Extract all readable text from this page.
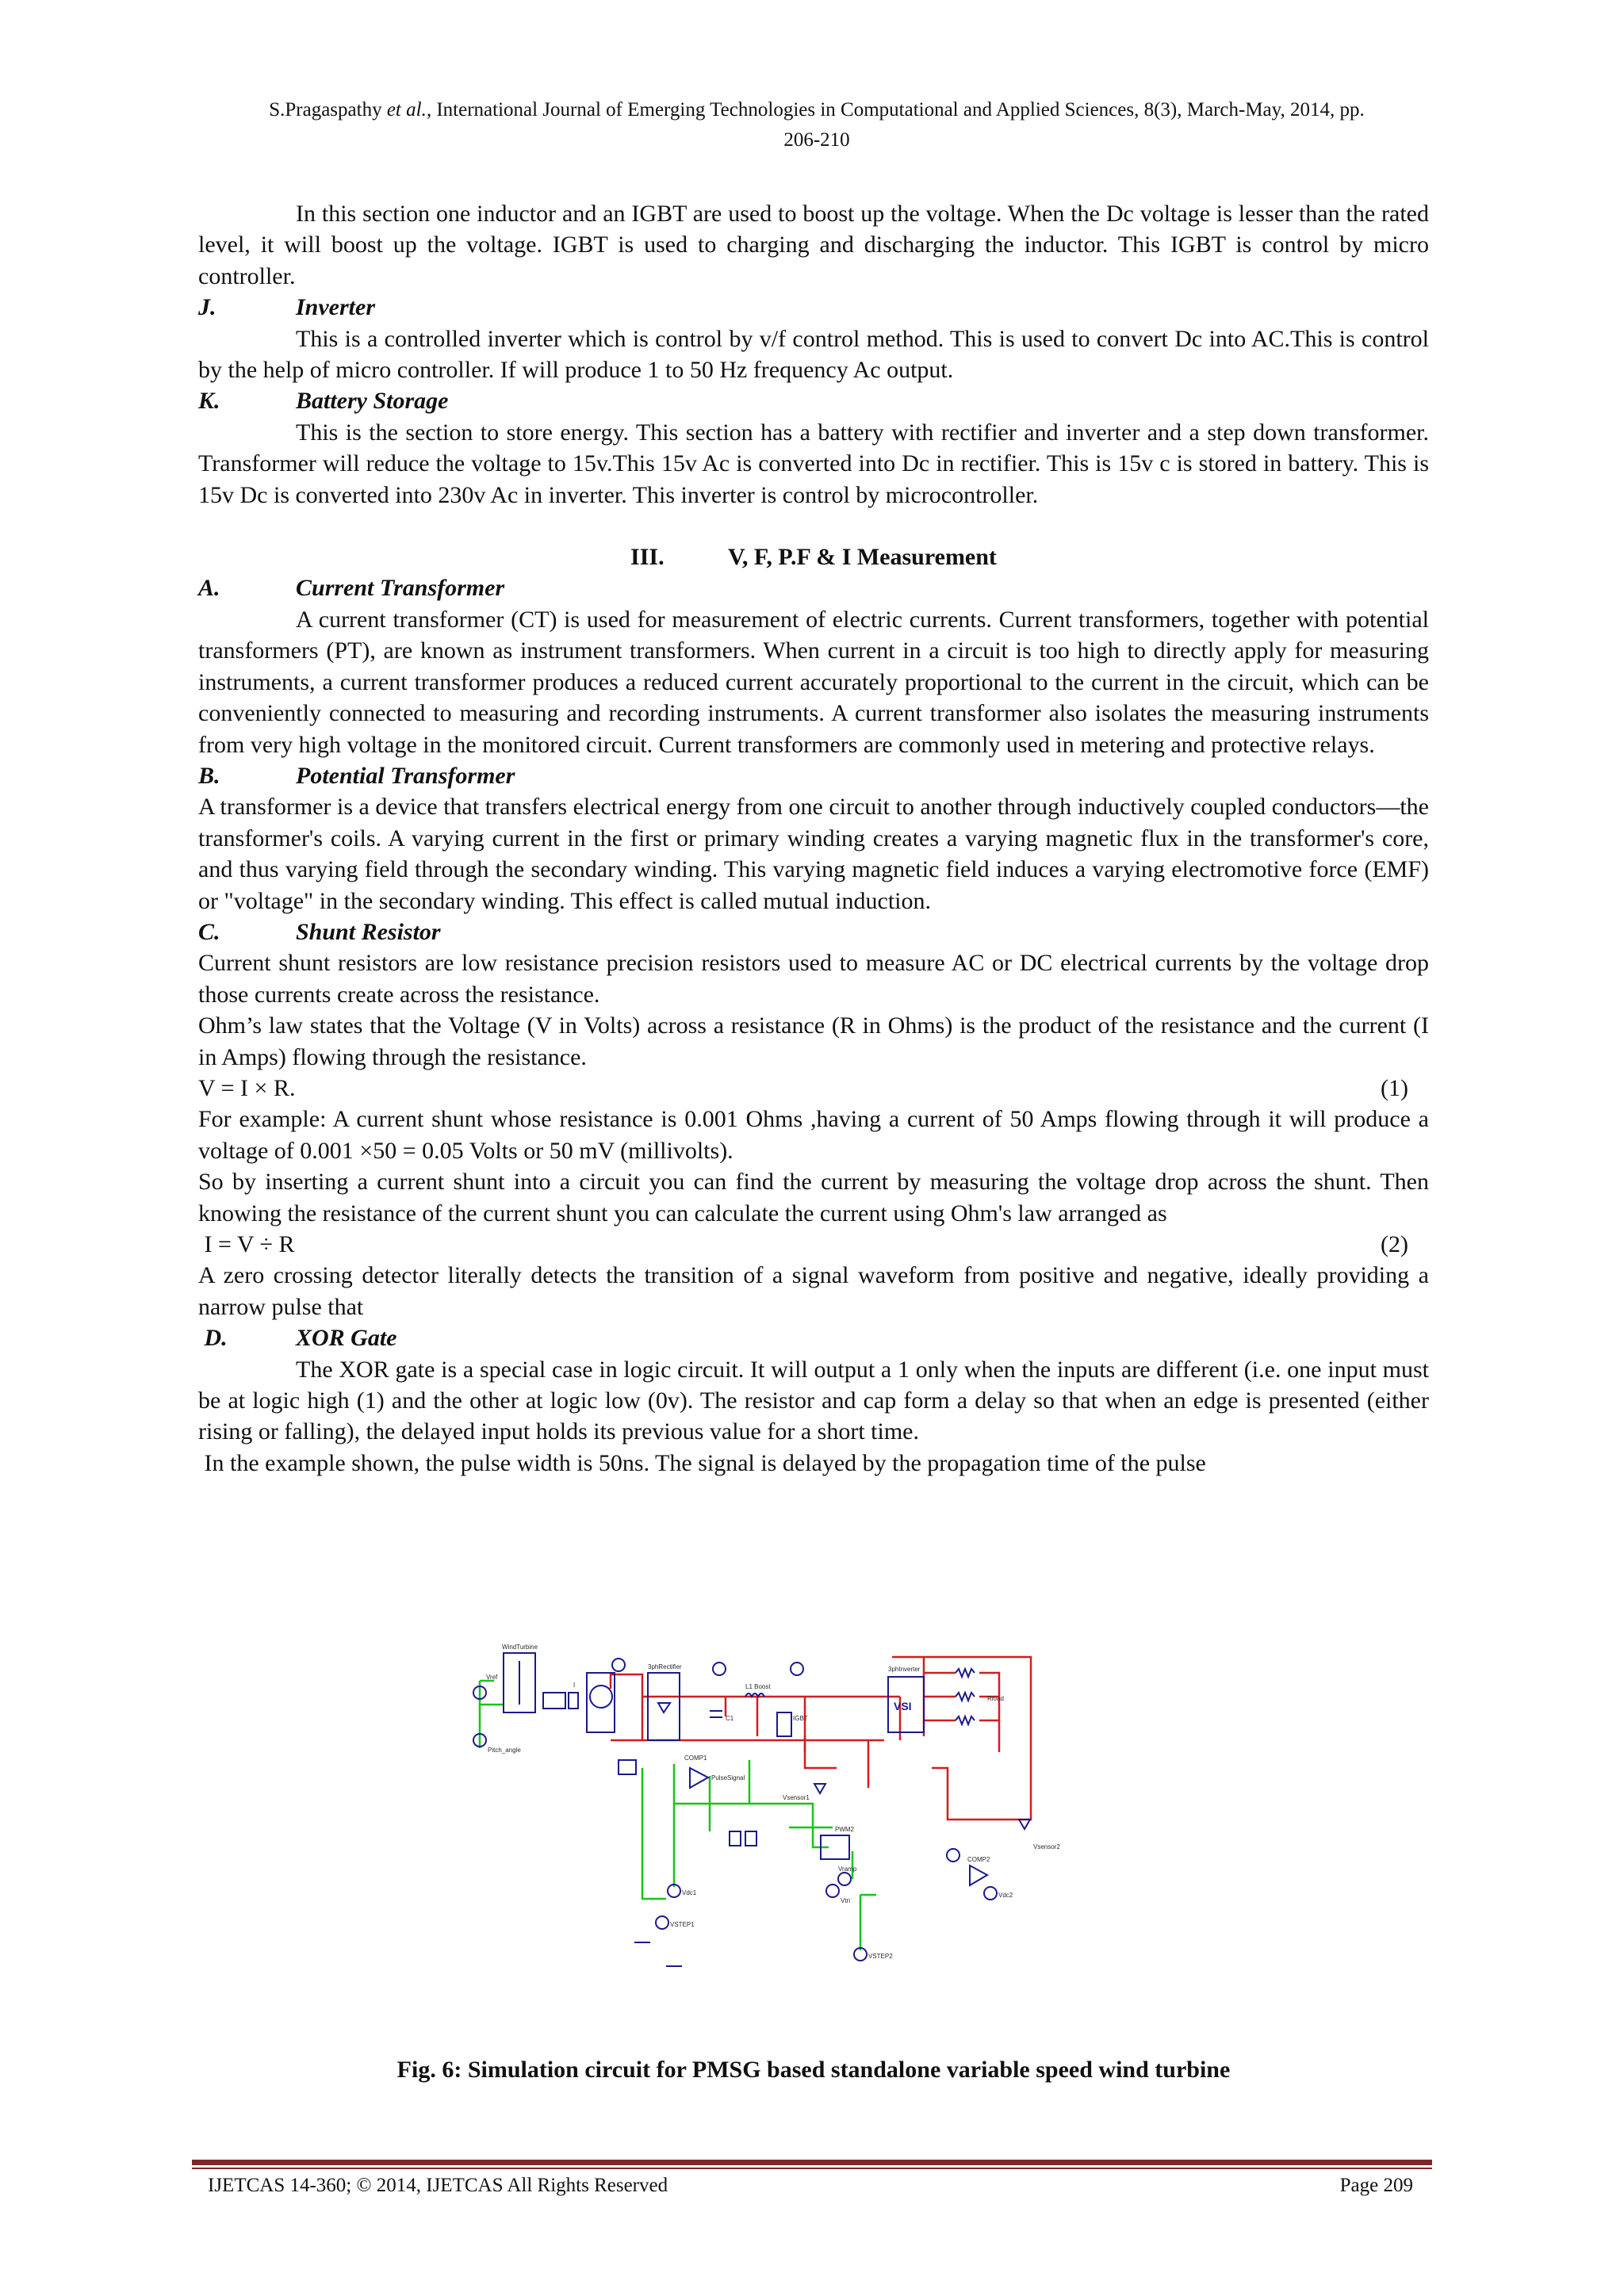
S.Pragaspathy et al., International Journal of Emerging Technologies in Computational and Applied Sciences, 8(3), March-May, 2014, pp.
206-210

In this section one inductor and an IGBT are used to boost up the voltage. When the Dc voltage is lesser than the rated level, it will boost up the voltage. IGBT is used to charging and discharging the inductor. This IGBT is control by micro controller.

J.	Inverter

This is a controlled inverter which is control by v/f control method. This is used to convert Dc into AC.This is control by the help of micro controller. If will produce 1 to 50 Hz frequency Ac output.

K.	Battery Storage

This is the section to store energy. This section has a battery with rectifier and inverter and a step down transformer. Transformer will reduce the voltage to 15v.This 15v Ac is converted into Dc in rectifier. This is 15v c is stored in battery. This is 15v Dc is converted into 230v Ac in inverter. This inverter is control by microcontroller.

III.	V, F, P.F & I Measurement

A.	Current Transformer

A current transformer (CT) is used for measurement of electric currents. Current transformers, together with potential transformers (PT), are known as instrument transformers. When current in a circuit is too high to directly apply for measuring instruments, a current transformer produces a reduced current accurately proportional to the current in the circuit, which can be conveniently connected to measuring and recording instruments. A current transformer also isolates the measuring instruments from very high voltage in the monitored circuit. Current transformers are commonly used in metering and protective relays.

B.	Potential Transformer

A transformer is a device that transfers electrical energy from one circuit to another through inductively coupled conductors—the transformer's coils. A varying current in the first or primary winding creates a varying magnetic flux in the transformer's core, and thus varying field through the secondary winding. This varying magnetic field induces a varying electromotive force (EMF) or "voltage" in the secondary winding. This effect is called mutual induction.

C.	Shunt Resistor

Current shunt resistors are low resistance precision resistors used to measure AC or DC electrical currents by the voltage drop those currents create across the resistance.

Ohm’s law states that the Voltage (V in Volts) across a resistance (R in Ohms) is the product of the resistance and the current (I in Amps) flowing through the resistance.

V = I × R.	(1)

For example: A current shunt whose resistance is 0.001 Ohms ,having a current of 50 Amps flowing through it will produce a voltage of 0.001 ×50 = 0.05 Volts or 50 mV (millivolts).

So by inserting a current shunt into a circuit you can find the current by measuring the voltage drop across the shunt. Then knowing the resistance of the current shunt you can calculate the current using Ohm's law arranged as

I = V ÷ R	(2)

A zero crossing detector literally detects the transition of a signal waveform from positive and negative, ideally providing a narrow pulse that

D.	XOR Gate

The XOR gate is a special case in logic circuit. It will output a 1 only when the inputs are different (i.e. one input must be at logic high (1) and the other at logic low (0v). The resistor and cap form a delay so that when an edge is presented (either rising or falling), the delayed input holds its previous value for a short time.

In the example shown, the pulse width is 50ns. The signal is delayed by the propagation time of the pulse

WindTurbine
Vref
Pitch_angle
I
3phRectifier
L1 Boost
C1	IGBT
3phInverter
Rload
COMP1
PulseSignal
Vsensor1
PWM2
COMP2
Vsensor2
Vdc1	Vdc2
Vramp
Vtri
VSTEP1
VSTEP2
VSI
Fig. 6: Simulation circuit for PMSG based standalone variable speed wind turbine
IJETCAS 14-360; © 2014, IJETCAS All Rights Reserved	Page 209
